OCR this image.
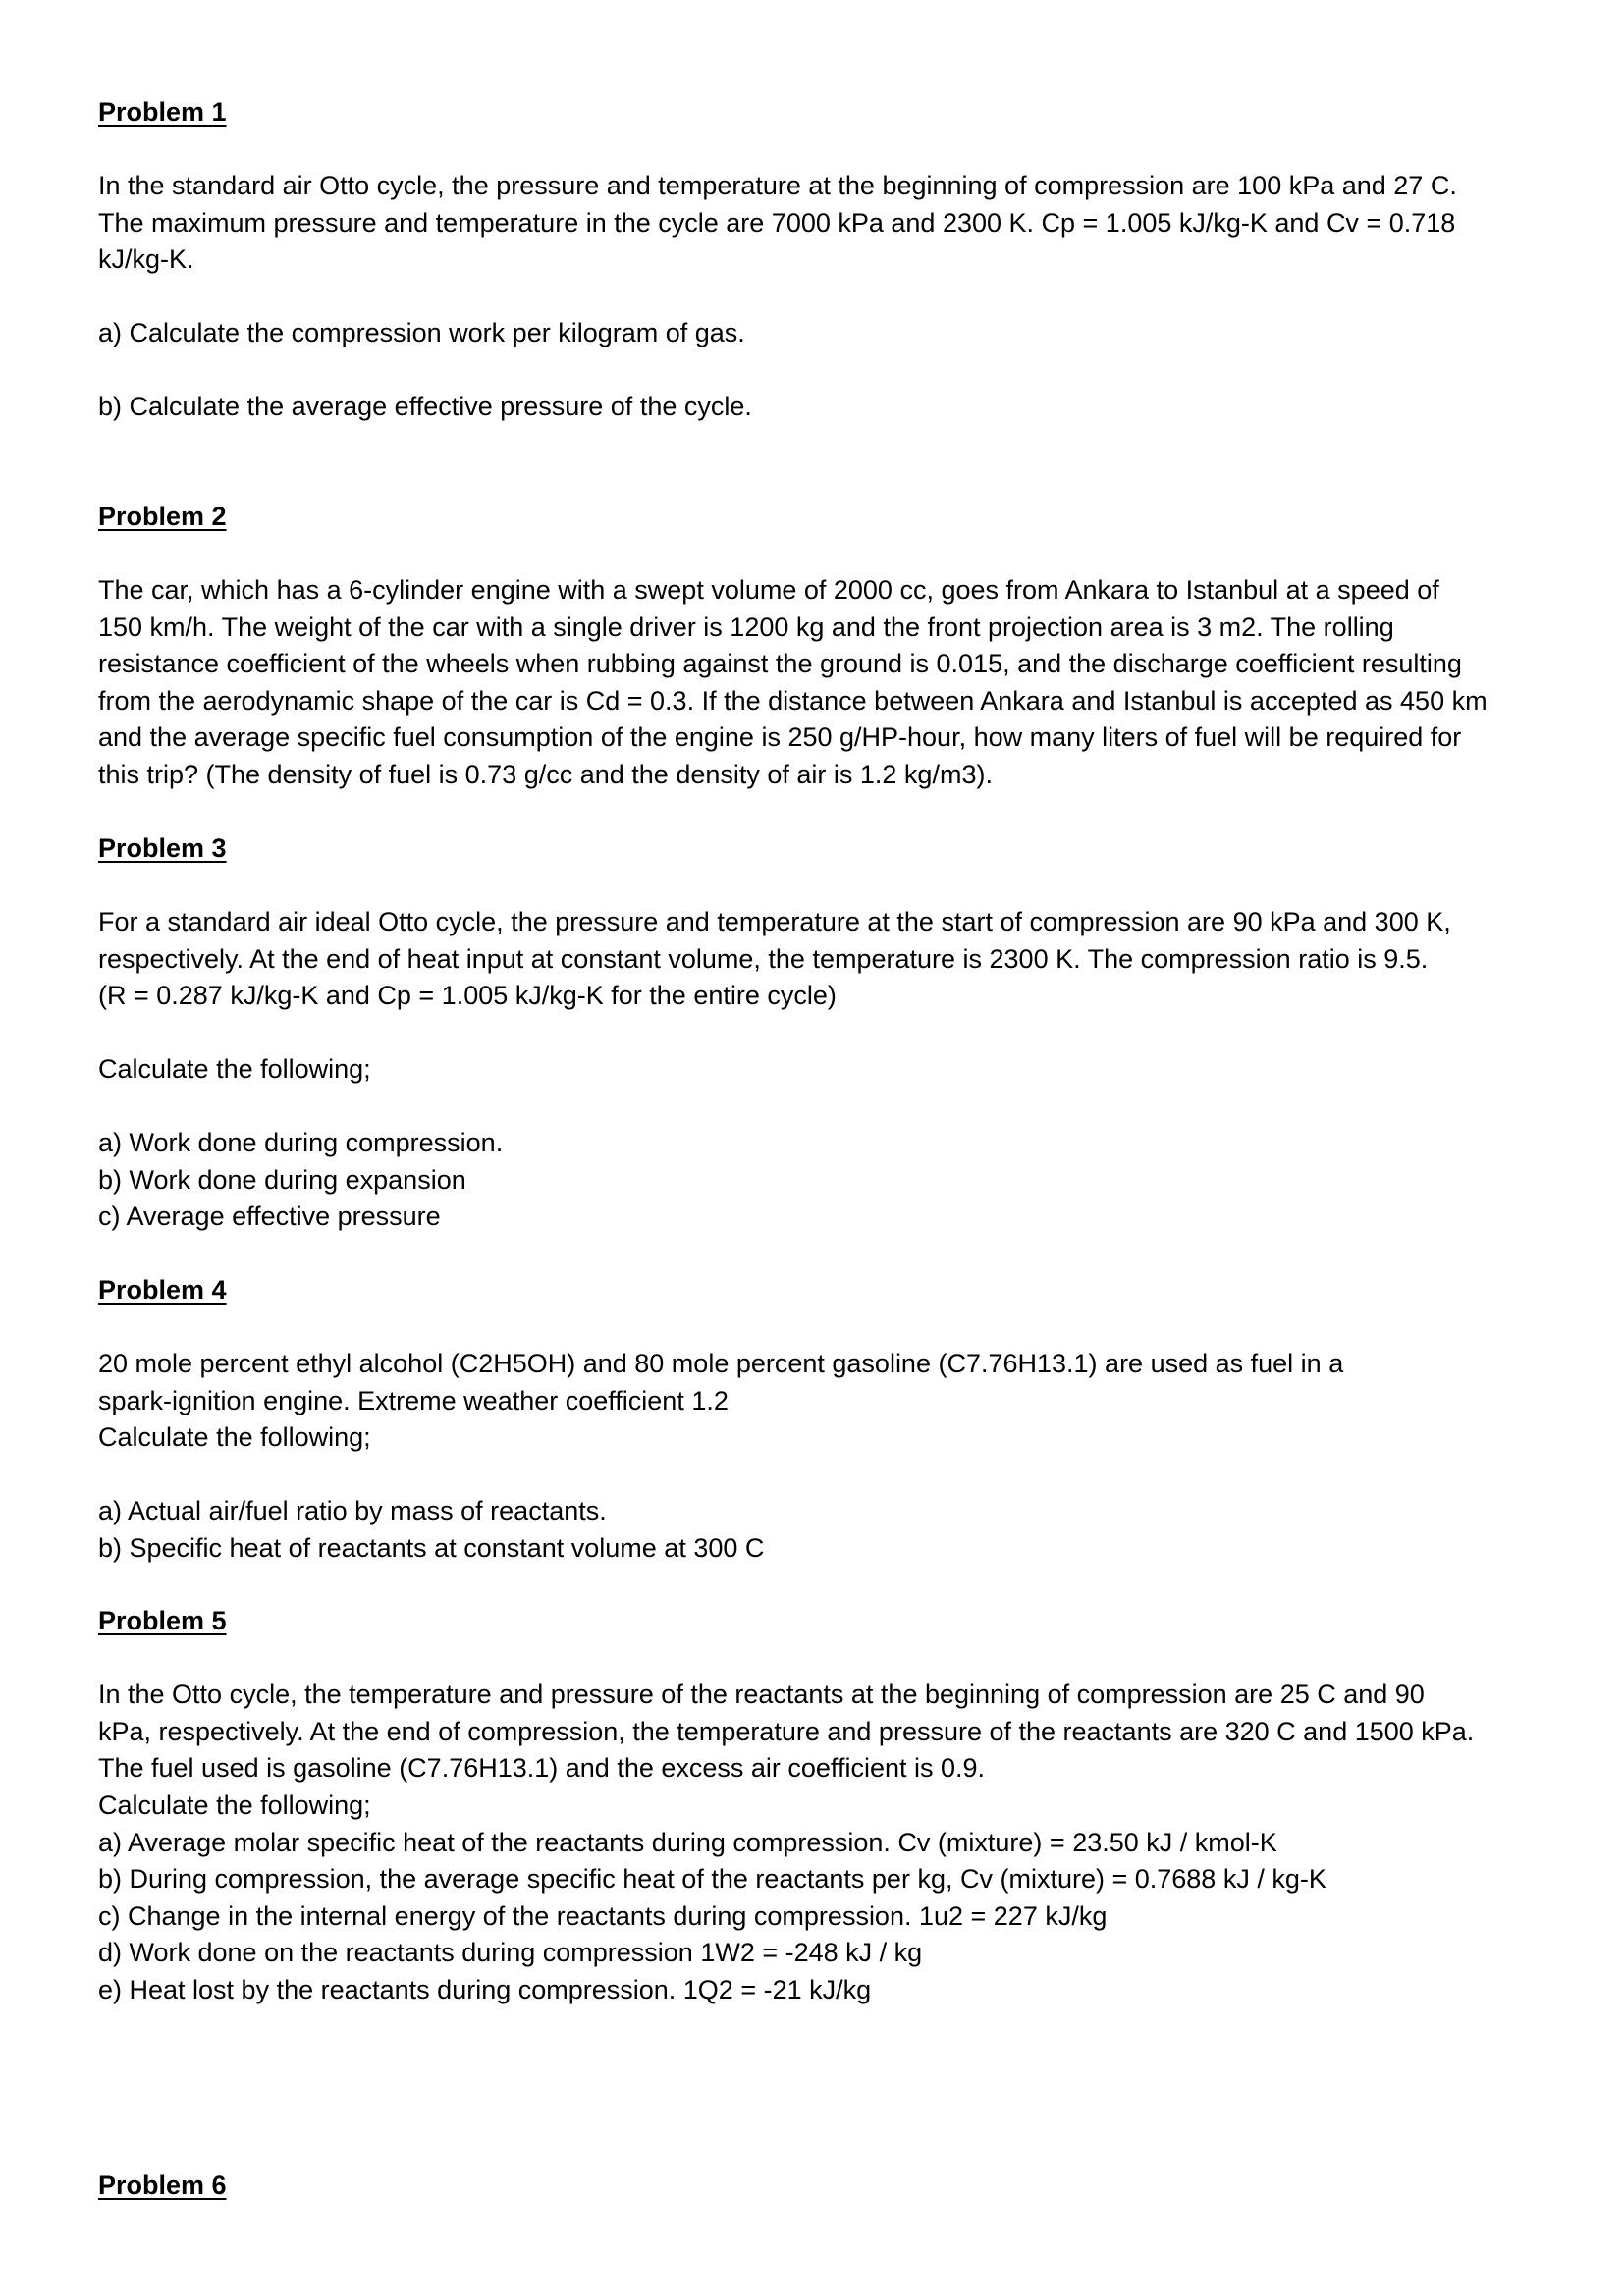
Problem 1

In the standard air Otto cycle, the pressure and temperature at the beginning of compression are 100 kPa and 27 C.
The maximum pressure and temperature in the cycle are 7000 kPa and 2300 K. Cp = 1.005 kJ/kg-K and Cv = 0.718
kJ/kg-K.

a) Calculate the compression work per kilogram of gas.

b) Calculate the average effective pressure of the cycle.

Problem 2

The car, which has a 6-cylinder engine with a swept volume of 2000 cc, goes from Ankara to Istanbul at a speed of
150 km/h. The weight of the car with a single driver is 1200 kg and the front projection area is 3 m2. The rolling
resistance coefficient of the wheels when rubbing against the ground is 0.015, and the discharge coefficient resulting
from the aerodynamic shape of the car is Cd = 0.3. If the distance between Ankara and Istanbul is accepted as 450 km
and the average specific fuel consumption of the engine is 250 g/HP-hour, how many liters of fuel will be required for
this trip? (The density of fuel is 0.73 g/cc and the density of air is 1.2 kg/m3).

Problem 3

For a standard air ideal Otto cycle, the pressure and temperature at the start of compression are 90 kPa and 300 K,
respectively. At the end of heat input at constant volume, the temperature is 2300 K. The compression ratio is 9.5.
(R = 0.287 kJ/kg-K and Cp = 1.005 kJ/kg-K for the entire cycle)

Calculate the following;

a) Work done during compression.
b) Work done during expansion
c) Average effective pressure

Problem 4

20 mole percent ethyl alcohol (C2H5OH) and 80 mole percent gasoline (C7.76H13.1) are used as fuel in a
spark-ignition engine. Extreme weather coefficient 1.2

Calculate the following;

a) Actual air/fuel ratio by mass of reactants.
b) Specific heat of reactants at constant volume at 300 C

Problem 5

In the Otto cycle, the temperature and pressure of the reactants at the beginning of compression are 25 C and 90
kPa, respectively. At the end of compression, the temperature and pressure of the reactants are 320 C and 1500 kPa.
The fuel used is gasoline (C7.76H13.1) and the excess air coefficient is 0.9.

Calculate the following;
a) Average molar specific heat of the reactants during compression. Cv (mixture) = 23.50 kJ / kmol-K
b) During compression, the average specific heat of the reactants per kg, Cv (mixture) = 0.7688 kJ / kg-K
c) Change in the internal energy of the reactants during compression. 1u2 = 227 kJ/kg
d) Work done on the reactants during compression 1W2 = -248 kJ / kg
e) Heat lost by the reactants during compression. 1Q2 = -21 kJ/kg

Problem 6
